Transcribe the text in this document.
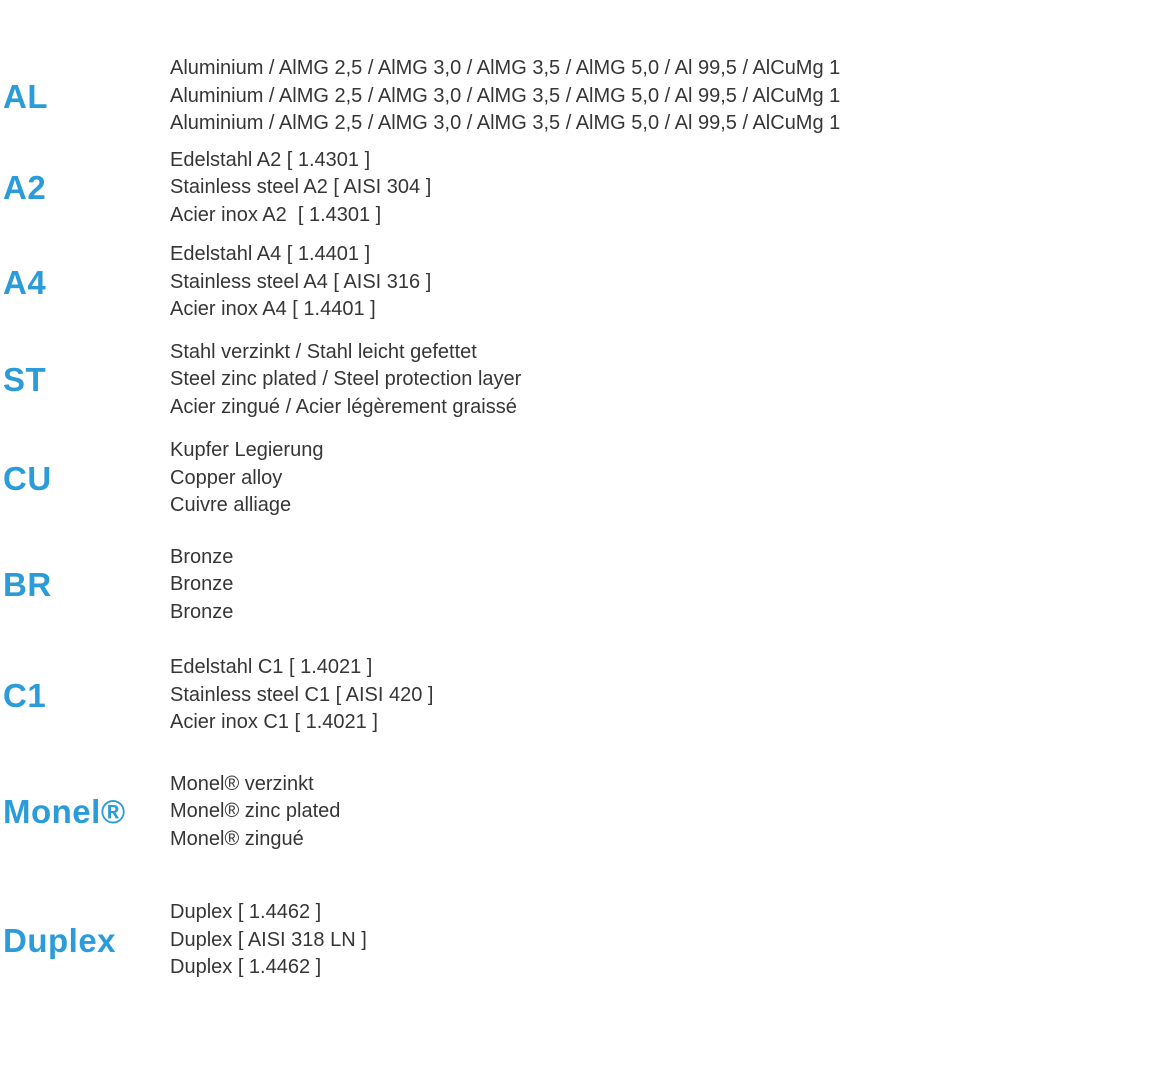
AL
Aluminium / AlMG 2,5 / AlMG 3,0 / AlMG 3,5 / AlMG 5,0 / Al 99,5 / AlCuMg 1
Aluminium / AlMG 2,5 / AlMG 3,0 / AlMG 3,5 / AlMG 5,0 / Al 99,5 / AlCuMg 1
Aluminium / AlMG 2,5 / AlMG 3,0 / AlMG 3,5 / AlMG 5,0 / Al 99,5 / AlCuMg 1
A2
Edelstahl A2 [ 1.4301 ]
Stainless steel A2 [ AISI 304 ]
Acier inox A2  [ 1.4301 ]
A4
Edelstahl A4 [ 1.4401 ]
Stainless steel A4 [ AISI 316 ]
Acier inox A4 [ 1.4401 ]
ST
Stahl verzinkt / Stahl leicht gefettet
Steel zinc plated / Steel protection layer
Acier zingué / Acier légèrement graissé
CU
Kupfer Legierung
Copper alloy
Cuivre alliage
BR
Bronze
Bronze
Bronze
C1
Edelstahl C1 [ 1.4021 ]
Stainless steel C1 [ AISI 420 ]
Acier inox C1 [ 1.4021 ]
Monel®
Monel® verzinkt
Monel® zinc plated
Monel® zingué
Duplex
Duplex [ 1.4462 ]
Duplex [ AISI 318 LN ]
Duplex [ 1.4462 ]
